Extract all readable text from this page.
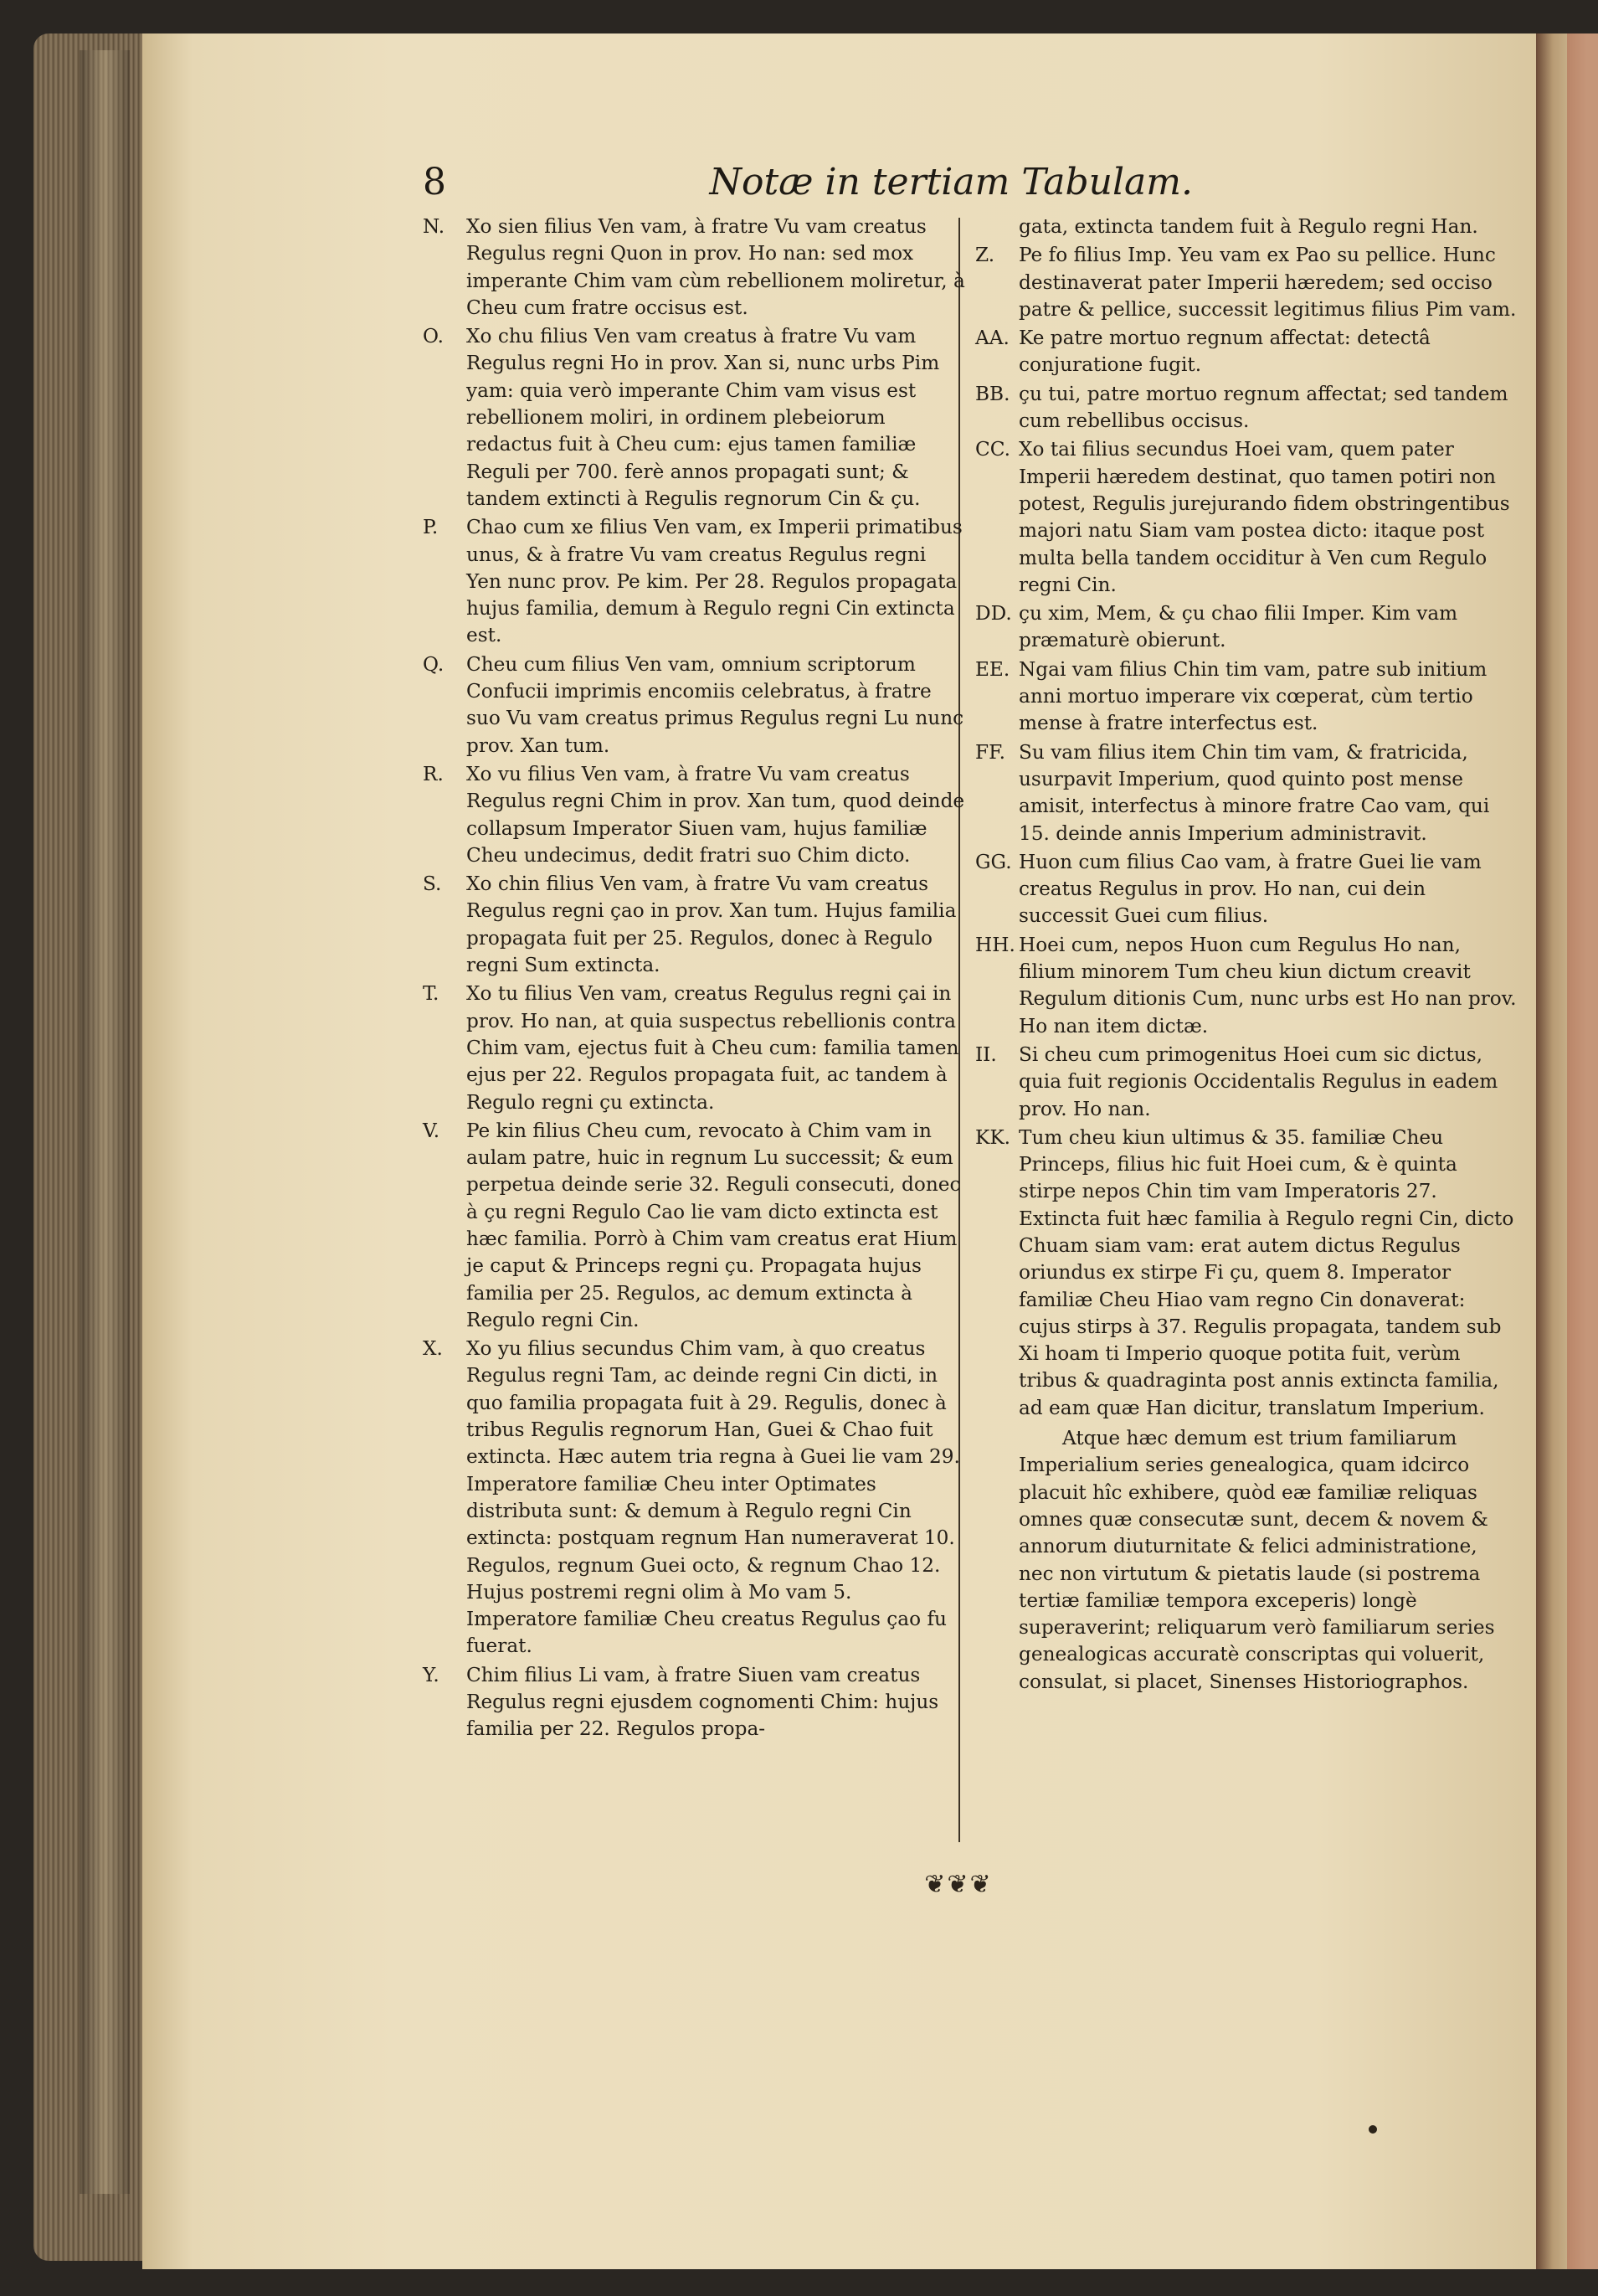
8	Notæ in tertiam Tabulam.
N. Xo sien filius Ven vam, à fratre Vu vam creatus Regulus regni Quon in prov. Ho nan: sed mox imperante Chim vam cùm rebellionem moliretur, à Cheu cum fratre occisus est.
O. Xo chu filius Ven vam creatus à fratre Vu vam Regulus regni Ho in prov. Xan si, nunc urbs Pim yam: quia verò imperante Chim vam visus est rebellionem moliri, in ordinem plebeiorum redactus fuit à Cheu cum: ejus tamen familiæ Reguli per 700. ferè annos propagati sunt; & tandem extincti à Regulis regnorum Cin & çu.
P. Chao cum xe filius Ven vam, ex Imperii primatibus unus, & à fratre Vu vam creatus Regulus regni Yen nunc prov. Pe kim. Per 28. Regulos propagata hujus familia, demum à Regulo regni Cin extincta est.
Q. Cheu cum filius Ven vam, omnium scriptorum Confucii imprimis encomiis celebratus, à fratre suo Vu vam creatus primus Regulus regni Lu nunc prov. Xan tum.
R. Xo vu filius Ven vam, à fratre Vu vam creatus Regulus regni Chim in prov. Xan tum, quod deinde collapsum Imperator Siuen vam, hujus familiæ Cheu undecimus, dedit fratri suo Chim dicto.
S. Xo chin filius Ven vam, à fratre Vu vam creatus Regulus regni çao in prov. Xan tum. Hujus familia propagata fuit per 25. Regulos, donec à Regulo regni Sum extincta.
T. Xo tu filius Ven vam, creatus Regulus regni çai in prov. Ho nan, at quia suspectus rebellionis contra Chim vam, ejectus fuit à Cheu cum: familia tamen ejus per 22. Regulos propagata fuit, ac tandem à Regulo regni çu extincta.
V. Pe kin filius Cheu cum, revocato à Chim vam in aulam patre, huic in regnum Lu successit; & eum perpetua deinde serie 32. Reguli consecuti, donec à çu regni Regulo Cao lie vam dicto extincta est hæc familia. Porrò à Chim vam creatus erat Hium je caput & Princeps regni çu. Propagata hujus familia per 25. Regulos, ac demum extincta à Regulo regni Cin.
X. Xo yu filius secundus Chim vam, à quo creatus Regulus regni Tam, ac deinde regni Cin dicti, in quo familia propagata fuit à 29. Regulis, donec à tribus Regulis regnorum Han, Guei & Chao fuit extincta. Hæc autem tria regna à Guei lie vam 29. Imperatore familiæ Cheu inter Optimates distributa sunt: & demum à Regulo regni Cin extincta: postquam regnum Han numeraverat 10. Regulos, regnum Guei octo, & regnum Chao 12. Hujus postremi regni olim à Mo vam 5. Imperatore familiæ Cheu creatus Regulus çao fu fuerat.
Y. Chim filius Li vam, à fratre Siuen vam creatus Regulus regni ejusdem cognomenti Chim: hujus familia per 22. Regulos propa-
gata, extincta tandem fuit à Regulo regni Han.
Z. Pe fo filius Imp. Yeu vam ex Pao su pellice. Hunc destinaverat pater Imperii hæredem; sed occiso patre & pellice, successit legitimus filius Pim vam.
AA. Ke patre mortuo regnum affectat: detectâ conjuratione fugit.
BB. çu tui, patre mortuo regnum affectat; sed tandem cum rebellibus occisus.
CC. Xo tai filius secundus Hoei vam, quem pater Imperii hæredem destinat, quo tamen potiri non potest, Regulis jurejurando fidem obstringentibus majori natu Siam vam postea dicto: itaque post multa bella tandem occiditur à Ven cum Regulo regni Cin.
DD. çu xim, Mem, & çu chao filii Imper. Kim vam præmaturè obierunt.
EE. Ngai vam filius Chin tim vam, patre sub initium anni mortuo imperare vix cœperat, cùm tertio mense à fratre interfectus est.
FF. Su vam filius item Chin tim vam, & fratricida, usurpavit Imperium, quod quinto post mense amisit, interfectus à minore fratre Cao vam, qui 15. deinde annis Imperium administravit.
GG. Huon cum filius Cao vam, à fratre Guei lie vam creatus Regulus in prov. Ho nan, cui dein successit Guei cum filius.
HH. Hoei cum, nepos Huon cum Regulus Ho nan, filium minorem Tum cheu kiun dictum creavit Regulum ditionis Cum, nunc urbs est Ho nan prov. Ho nan item dictæ.
II. Si cheu cum primogenitus Hoei cum sic dictus, quia fuit regionis Occidentalis Regulus in eadem prov. Ho nan.
KK. Tum cheu kiun ultimus & 35. familiæ Cheu Princeps, filius hic fuit Hoei cum, & è quinta stirpe nepos Chin tim vam Imperatoris 27. Extincta fuit hæc familia à Regulo regni Cin, dicto Chuam siam vam: erat autem dictus Regulus oriundus ex stirpe Fi çu, quem 8. Imperator familiæ Cheu Hiao vam regno Cin donaverat: cujus stirps à 37. Regulis propagata, tandem sub Xi hoam ti Imperio quoque potita fuit, verùm tribus & quadraginta post annis extincta familia, ad eam quæ Han dicitur, translatum Imperium.
Atque hæc demum est trium familiarum Imperialium series genealogica, quam idcirco placuit hîc exhibere, quòd eæ familiæ reliquas omnes quæ consecutæ sunt, decem & novem & annorum diuturnitate & felici administratione, nec non virtutum & pietatis laude (si postrema tertiæ familiæ tempora exceperis) longè superaverint; reliquarum verò familiarum series genealogicas accuratè conscriptas qui voluerit, consulat, si placet, Sinenses Historiographos.
❦❦❦
